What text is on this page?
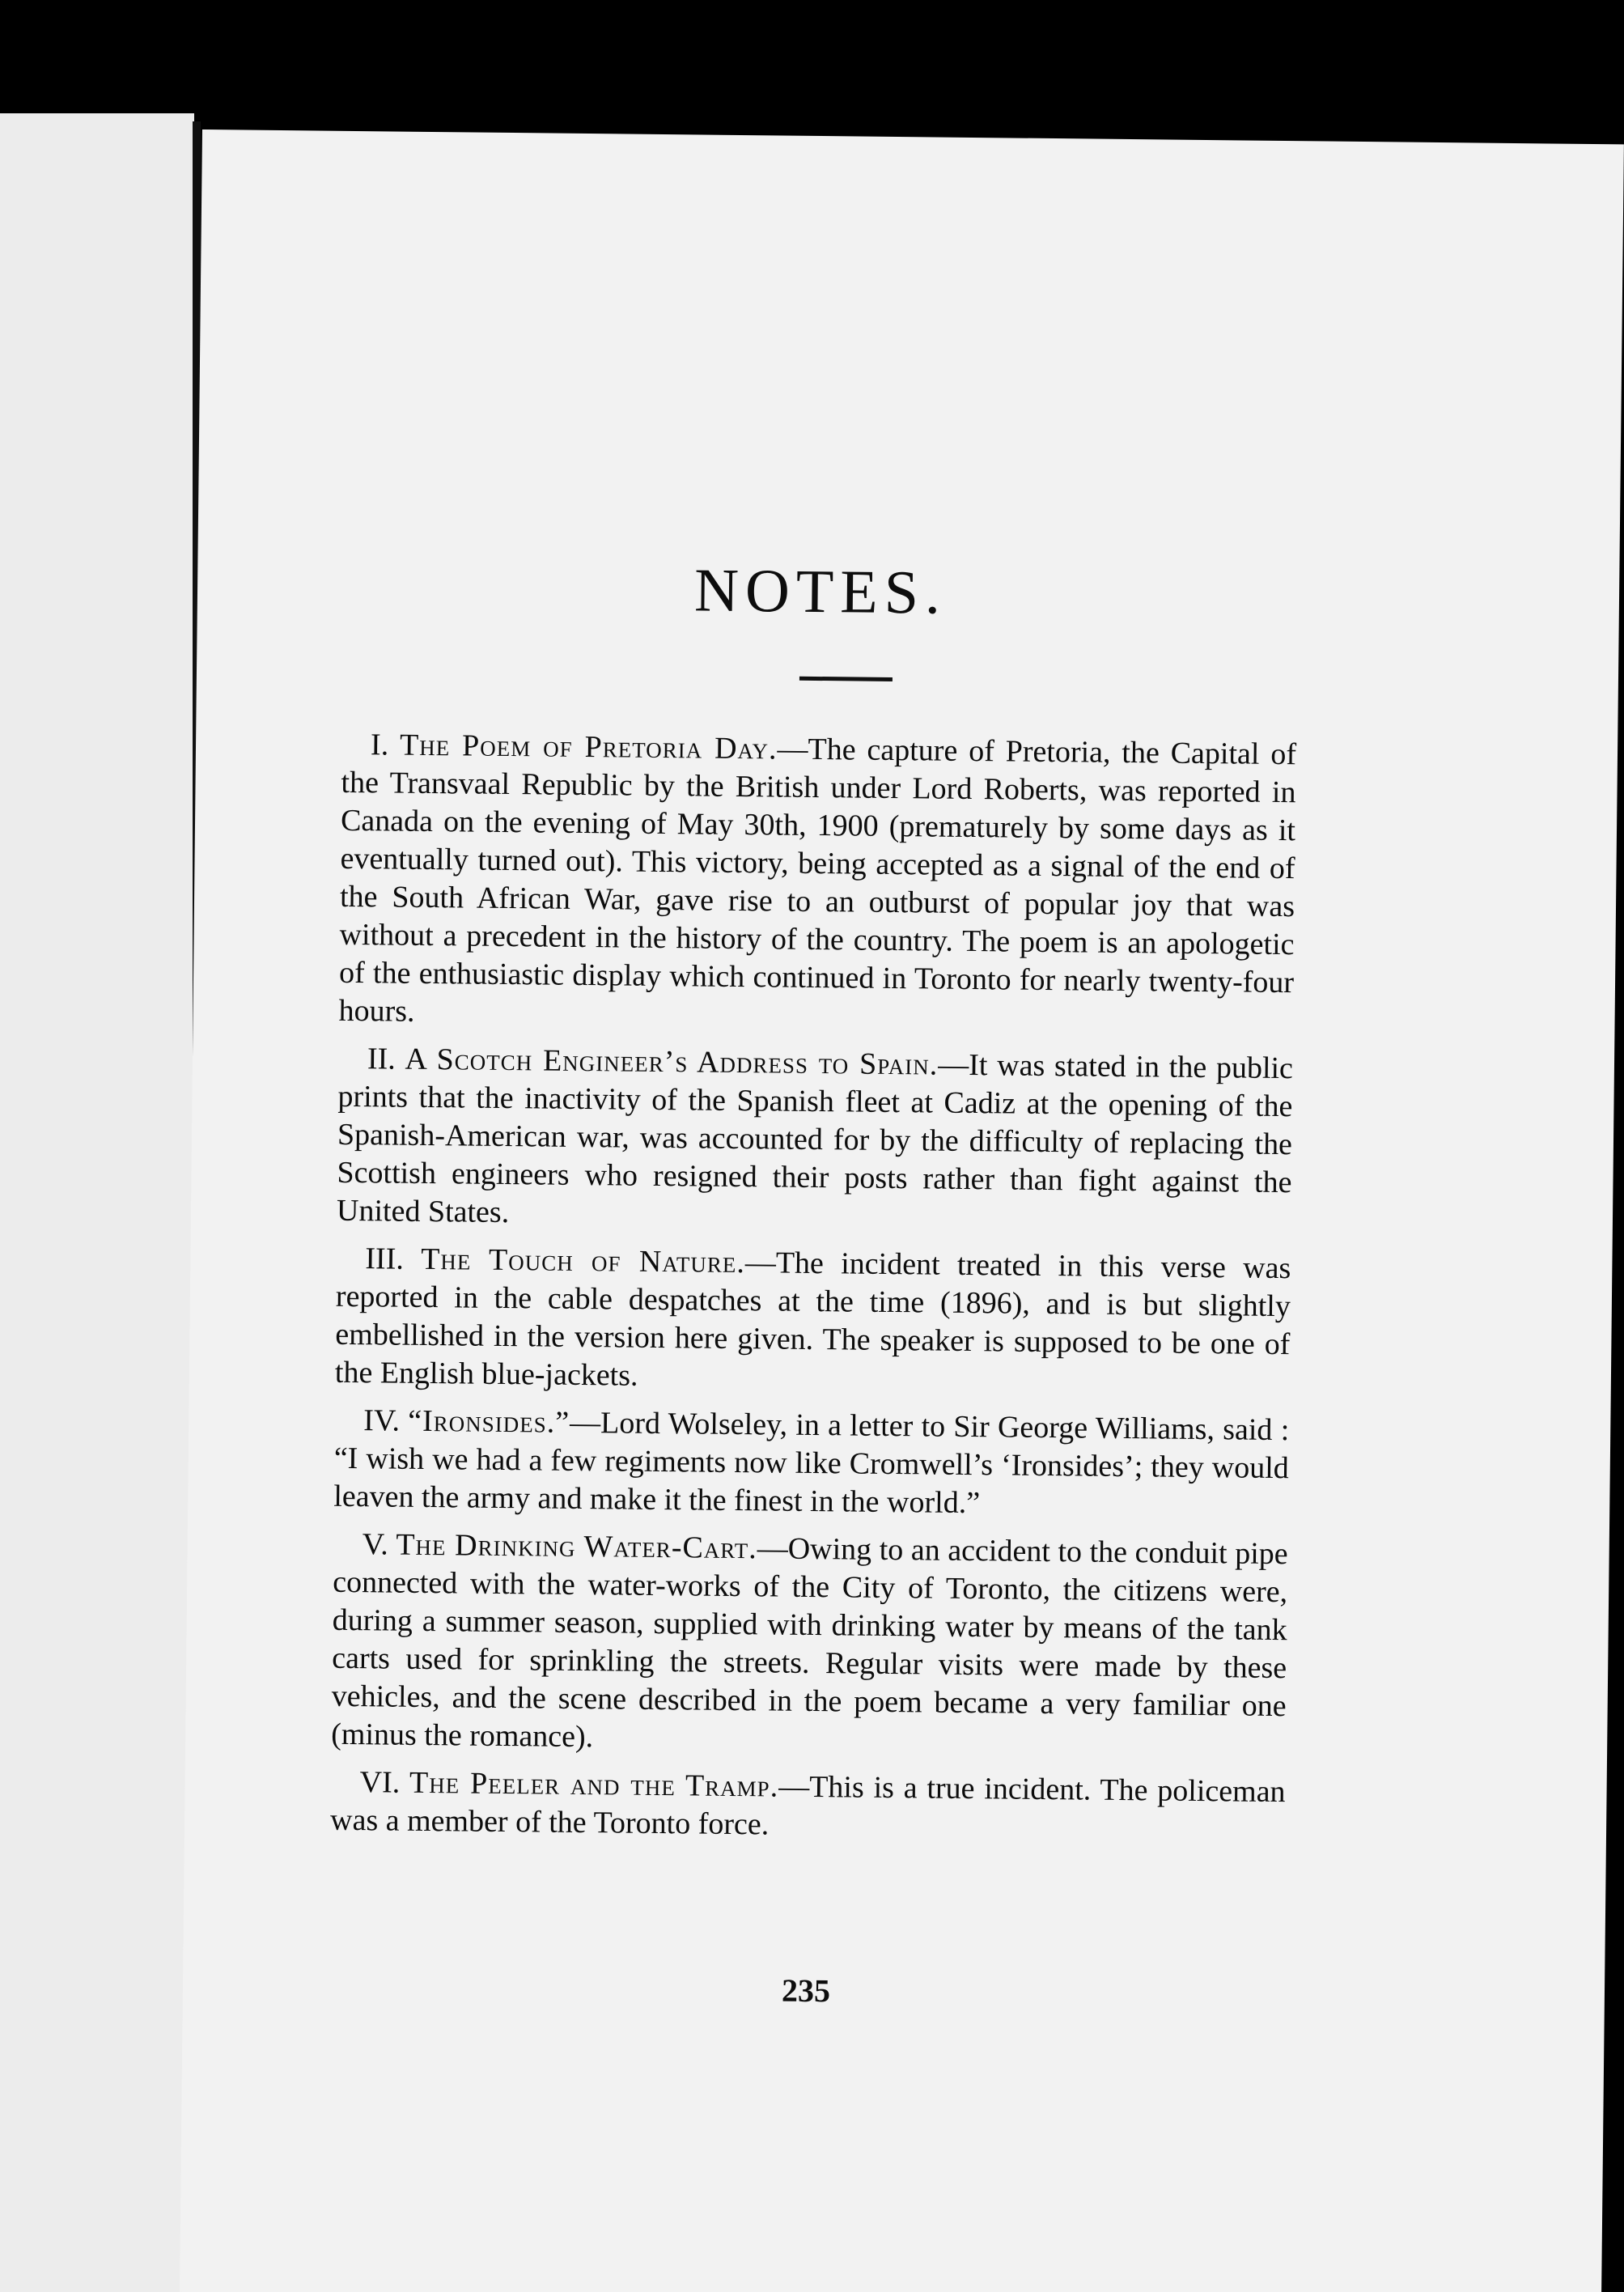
NOTES.

I. The Poem of Pretoria Day.—The capture of Pretoria, the Capital of the Transvaal Republic by the British under Lord Roberts, was reported in Canada on the evening of May 30th, 1900 (prematurely by some days as it eventually turned out). This victory, being accepted as a signal of the end of the South African War, gave rise to an outburst of popular joy that was without a precedent in the history of the country. The poem is an apologetic of the enthusiastic display which continued in Toronto for nearly twenty-four hours.

II. A Scotch Engineer’s Address to Spain.—It was stated in the public prints that the inactivity of the Spanish fleet at Cadiz at the opening of the Spanish-American war, was accounted for by the difficulty of replacing the Scottish engineers who resigned their posts rather than fight against the United States.

III. The Touch of Nature.—The incident treated in this verse was reported in the cable despatches at the time (1896), and is but slightly embellished in the version here given. The speaker is supposed to be one of the English blue-jackets.

IV. “Ironsides.”—Lord Wolseley, in a letter to Sir George Williams, said : “I wish we had a few regiments now like Cromwell’s ‘Ironsides’; they would leaven the army and make it the finest in the world.”

V. The Drinking Water-Cart.—Owing to an accident to the conduit pipe connected with the water-works of the City of Toronto, the citizens were, during a summer season, supplied with drinking water by means of the tank carts used for sprinkling the streets. Regular visits were made by these vehicles, and the scene described in the poem became a very familiar one (minus the romance).

VI. The Peeler and the Tramp.—This is a true incident. The policeman was a member of the Toronto force.

235
